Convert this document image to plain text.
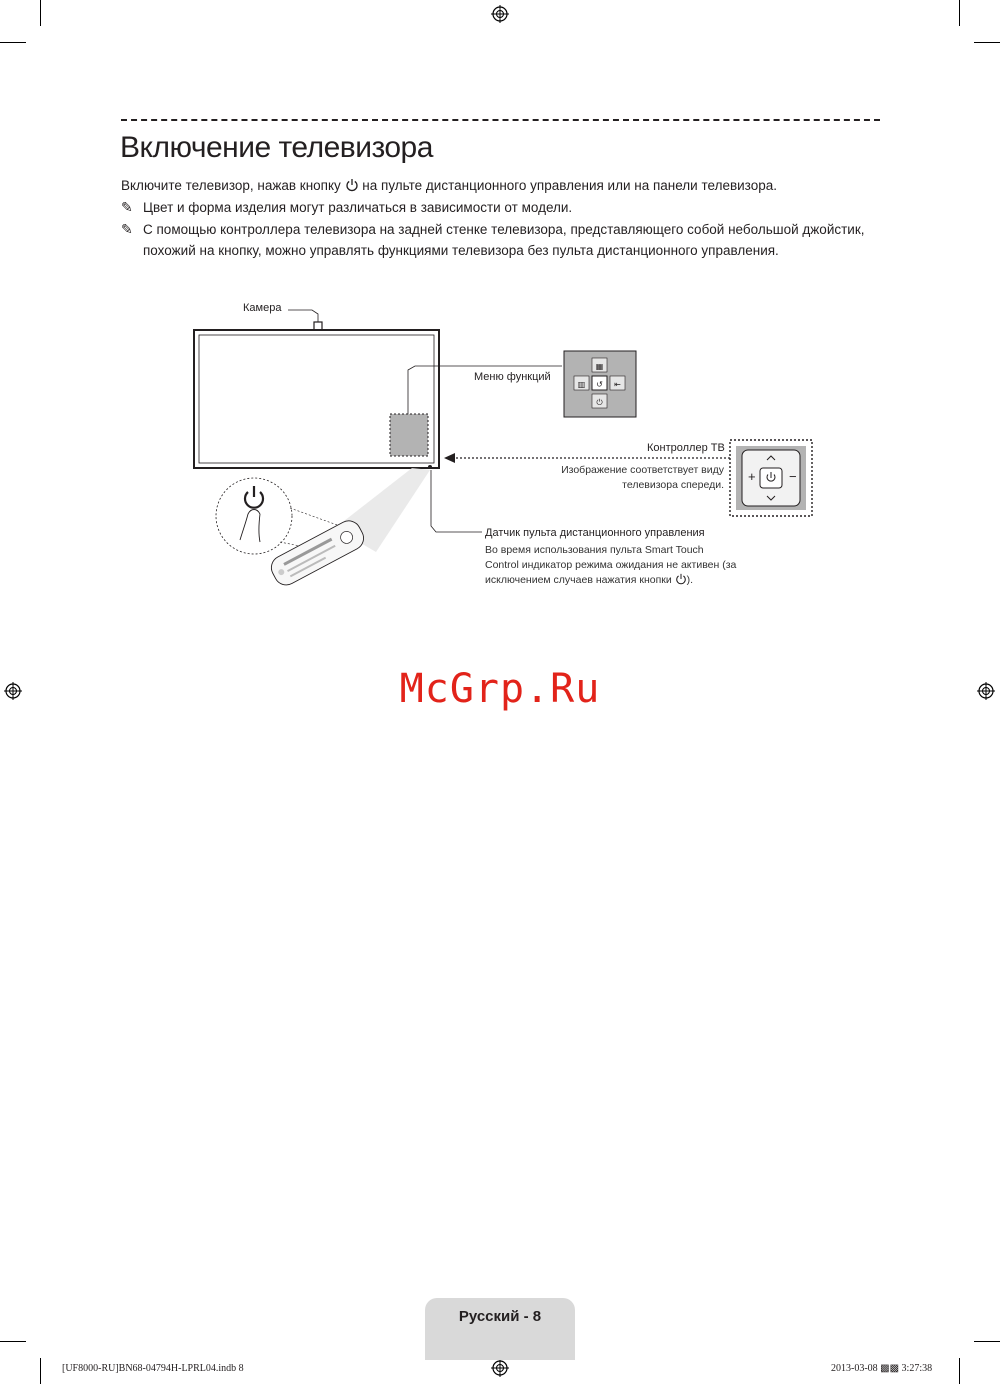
Включение телевизора
Включите телевизор, нажав кнопку  на пульте дистанционного управления или на панели телевизора.
✎ Цвет и форма изделия могут различаться в зависимости от модели.
✎ С помощью контроллера телевизора на задней стенке телевизора, представляющего собой небольшой джойстик,
похожий на кнопку, можно управлять функциями телевизора без пульта дистанционного управления.
▦
▥ ↺ ⇤
⏻
Камера
Меню функций
Контроллер ТВ
Изображение соответствует виду
телевизора спереди.
+	−
Датчик пульта дистанционного управления
Во время использования пульта Smart Touch
Control индикатор режима ожидания не активен (за
исключением случаев нажатия кнопки ).
McGrp.Ru
Русский - 8
[UF8000-RU]BN68-04794H-LPRL04.indb 8	2013-03-08 ▩▩ 3:27:38
